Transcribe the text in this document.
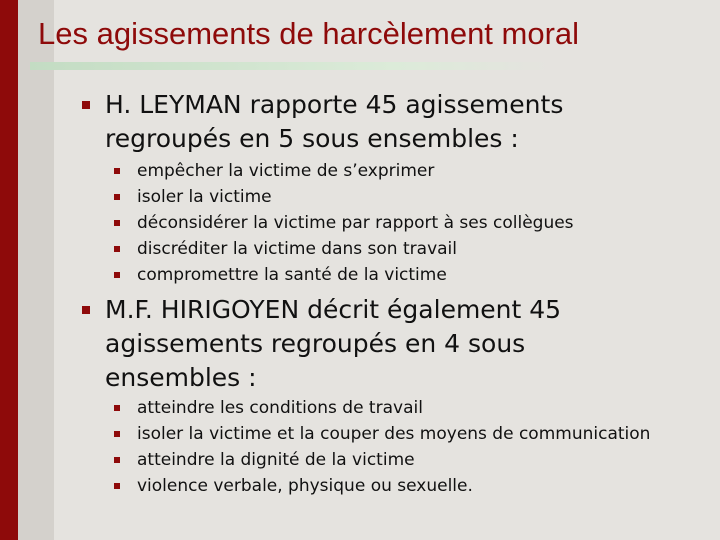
Les agissements de harcèlement moral
H. LEYMAN rapporte 45 agissements regroupés en 5 sous ensembles :
empêcher la victime de s’exprimer
isoler la victime
déconsidérer la victime par rapport à ses collègues
discréditer la victime dans son travail
compromettre la santé de la victime
M.F. HIRIGOYEN décrit également 45 agissements regroupés en 4 sous ensembles :
atteindre les conditions de travail
isoler la victime et la couper des moyens de communication
atteindre la dignité de la victime
violence verbale, physique ou sexuelle.
